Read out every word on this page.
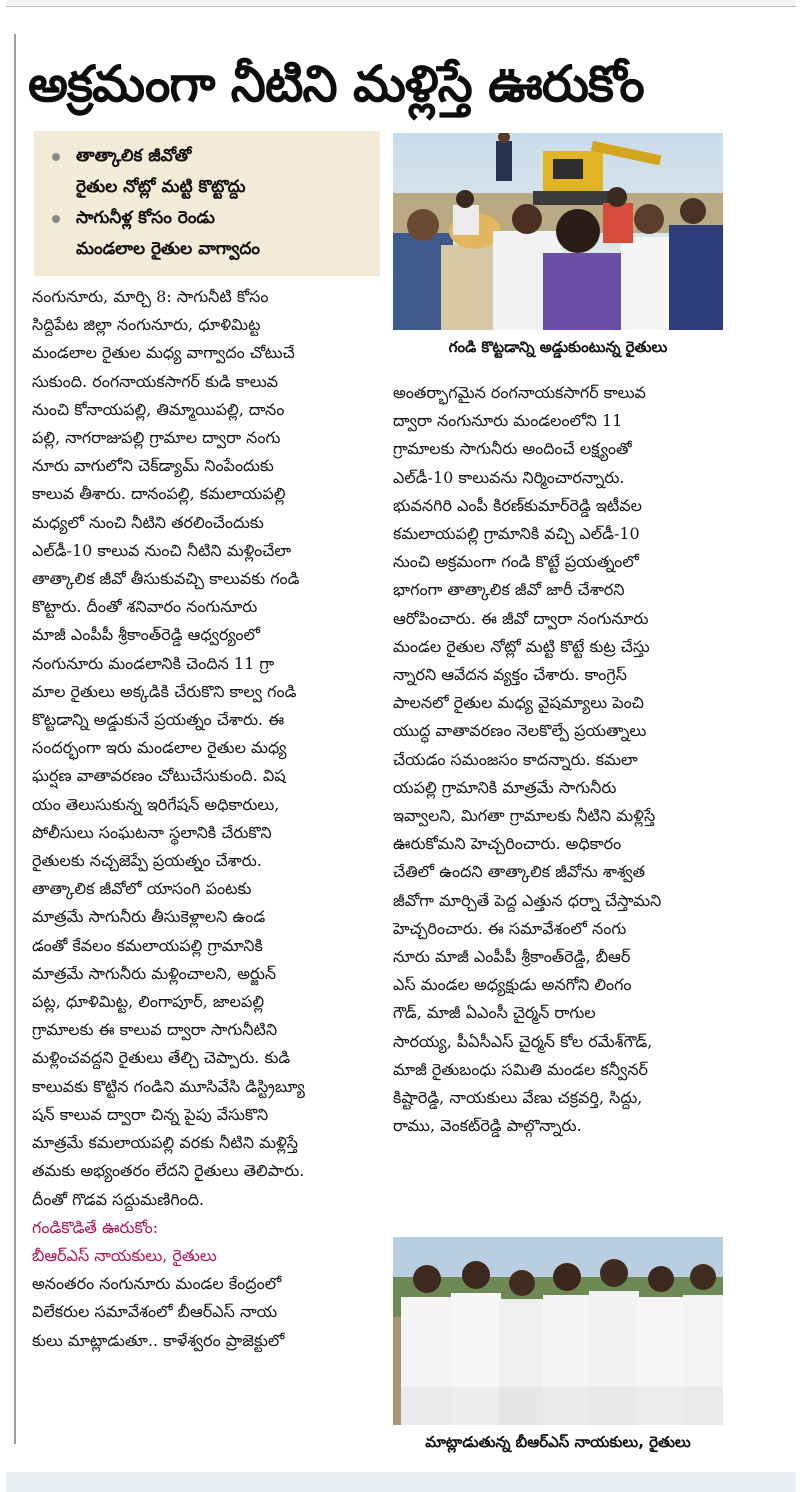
అక్రమంగా నీటిని మళ్లిస్తే ఊరుకోం
తాత్కాలిక జీవోతో
రైతుల నోట్లో మట్టి కొట్టొద్దు
సాగునీళ్ల కోసం రెండు
మండలాల రైతుల వాగ్వాదం
గండి కొట్టడాన్ని అడ్డుకుంటున్న రైతులు
నంగునూరు, మార్చి 8: సాగునీటి కోసం
సిద్దిపేట జిల్లా నంగునూరు, ధూళిమిట్ట
మండలాల రైతుల మధ్య వాగ్వాదం చోటుచే
సుకుంది. రంగనాయకసాగర్ కుడి కాలువ
నుంచి కోనాయపల్లి, తిమ్మాయిపల్లి, దానం
పల్లి, నాగరాజుపల్లి గ్రామాల ద్వారా నంగు
నూరు వాగులోని చెక్‌డ్యామ్ నింపేందుకు
కాలువ తీశారు. దానంపల్లి, కమలాయపల్లి
మధ్యలో నుంచి నీటిని తరలించేందుకు
ఎల్‌డీ-10 కాలువ నుంచి నీటిని మళ్లించేలా
తాత్కాలిక జీవో తీసుకువచ్చి కాలువకు గండి
కొట్టారు. దీంతో శనివారం నంగునూరు
మాజీ ఎంపీపీ శ్రీకాంత్‌రెడ్డి ఆధ్వర్యంలో
నంగునూరు మండలానికి చెందిన 11 గ్రా
మాల రైతులు అక్కడికి చేరుకొని కాల్వ గండి
కొట్టడాన్ని అడ్డుకునే ప్రయత్నం చేశారు. ఈ
సందర్భంగా ఇరు మండలాల రైతుల మధ్య
ఘర్షణ వాతావరణం చోటుచేసుకుంది. విష
యం తెలుసుకున్న ఇరిగేషన్ అధికారులు,
పోలీసులు సంఘటనా స్థలానికి చేరుకొని
రైతులకు నచ్చజెప్పే ప్రయత్నం చేశారు.
తాత్కాలిక జీవోలో యాసంగి పంటకు
మాత్రమే సాగునీరు తీసుకెళ్లాలని ఉండ
డంతో కేవలం కమలాయపల్లి గ్రామానికి
మాత్రమే సాగునీరు మళ్లించాలని, అర్జున్
పట్ల, ధూళిమిట్ట, లింగాపూర్, జాలపల్లి
గ్రామాలకు ఈ కాలువ ద్వారా సాగునీటిని
మళ్లించవద్దని రైతులు తేల్చి చెప్పారు. కుడి
కాలువకు కొట్టిన గండిని మూసివేసి డిస్ట్రిబ్యూ
షన్ కాలువ ద్వారా చిన్న పైపు వేసుకొని
మాత్రమే కమలాయపల్లి వరకు నీటిని మళ్లిస్తే
తమకు అభ్యంతరం లేదని రైతులు తెలిపారు.
దీంతో గొడవ సద్దుమణిగింది.
గండికొడితే ఊరుకోం:
బీఆర్ఎస్ నాయకులు, రైతులు
అనంతరం నంగునూరు మండల కేంద్రంలో
విలేకరుల సమావేశంలో బీఆర్ఎస్ నాయ
కులు మాట్లాడుతూ.. కాళేశ్వరం ప్రాజెక్టులో
అంతర్భాగమైన రంగనాయకసాగర్ కాలువ
ద్వారా నంగునూరు మండలంలోని 11
గ్రామాలకు సాగునీరు అందించే లక్ష్యంతో
ఎల్‌డీ-10 కాలువను నిర్మించారన్నారు.
భువనగిరి ఎంపీ కిరణ్‌కుమార్‌రెడ్డి ఇటీవల
కమలాయపల్లి గ్రామానికి వచ్చి ఎల్‌డీ-10
నుంచి అక్రమంగా గండి కొట్టే ప్రయత్నంలో
భాగంగా తాత్కాలిక జీవో జారీ చేశారని
ఆరోపించారు. ఈ జీవో ద్వారా నంగునూరు
మండల రైతుల నోట్లో మట్టి కొట్టే కుట్ర చేస్తు
న్నారని ఆవేదన వ్యక్తం చేశారు. కాంగ్రెస్
పాలనలో రైతుల మధ్య వైషమ్యాలు పెంచి
యుద్ధ వాతావరణం నెలకొల్పే ప్రయత్నాలు
చేయడం సమంజసం కాదన్నారు. కమలా
యపల్లి గ్రామానికి మాత్రమే సాగునీరు
ఇవ్వాలని, మిగతా గ్రామాలకు నీటిని మళ్లిస్తే
ఊరుకోమని హెచ్చరించారు. అధికారం
చేతిలో ఉందని తాత్కాలిక జీవోను శాశ్వత
జీవోగా మార్చితే పెద్ద ఎత్తున ధర్నా చేస్తామని
హెచ్చరించారు. ఈ సమావేశంలో నంగు
నూరు మాజీ ఎంపీపీ శ్రీకాంత్‌రెడ్డి, బీఆర్
ఎస్ మండల అధ్యక్షుడు అనగోని లింగం
గౌడ్, మాజీ ఏఎంసీ చైర్మన్ రాగుల
సారయ్య, పీఏసీఎస్ చైర్మన్ కోల రమేశ్‌గౌడ్,
మాజీ రైతుబంధు సమితి మండల కన్వీనర్
కిష్టారెడ్డి, నాయకులు వేణు చక్రవర్తి, సిద్దు,
రాము, వెంకట్‌రెడ్డి పాల్గొన్నారు.
మాట్లాడుతున్న బీఆర్ఎస్ నాయకులు, రైతులు
